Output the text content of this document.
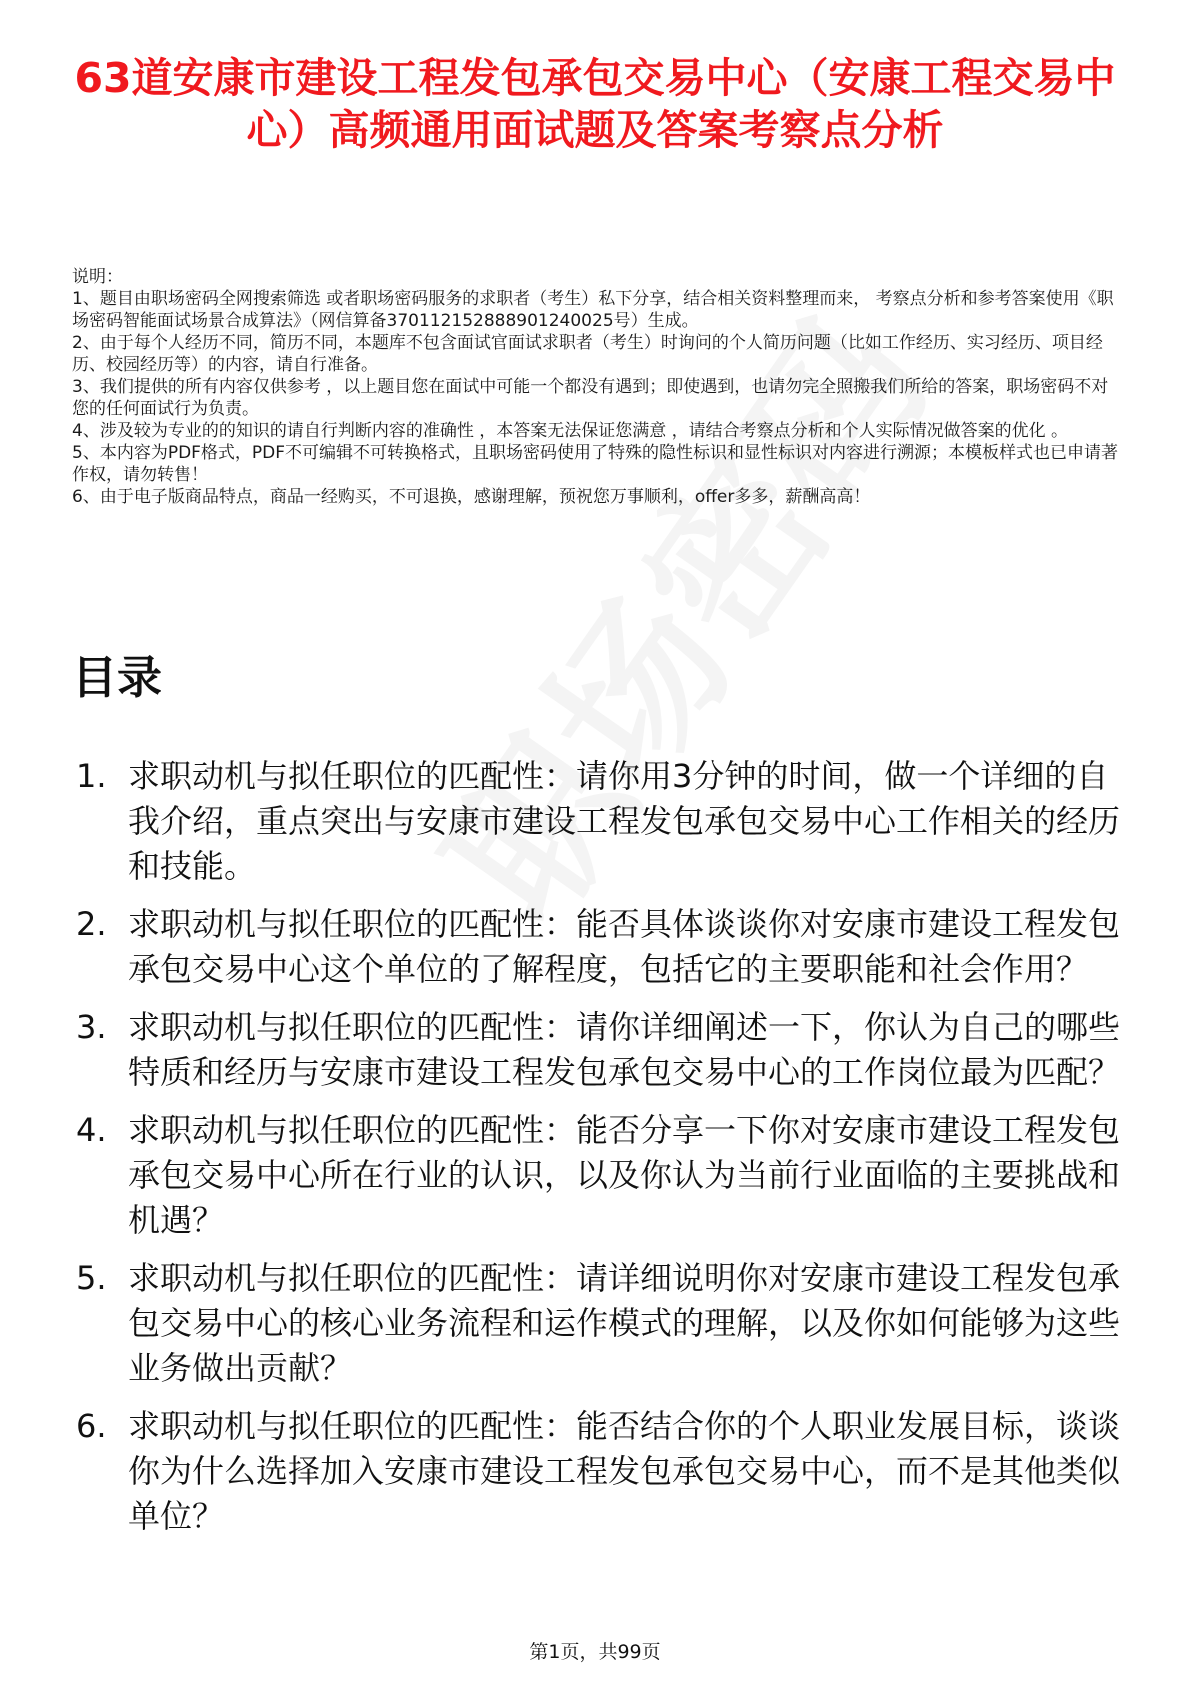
63道安康市建设工程发包承包交易中心（安康工程交易中心）高频通用面试题及答案考察点分析

说明：

1、题目由职场密码全网搜索筛选 或者职场密码服务的求职者（考生）私下分享，结合相关资料整理而来， 考察点分析和参考答案使用《职场密码智能面试场景合成算法》（网信算备370112152888901240025号）生成。

2、由于每个人经历不同，简历不同，本题库不包含面试官面试求职者（考生）时询问的个人简历问题（比如工作经历、实习经历、项目经历、校园经历等）的内容，请自行准备。

3、我们提供的所有内容仅供参考 ，以上题目您在面试中可能一个都没有遇到；即使遇到，也请勿完全照搬我们所给的答案，职场密码不对您的任何面试行为负责。

4、涉及较为专业的的知识的请自行判断内容的准确性 ，本答案无法保证您满意 ，请结合考察点分析和个人实际情况做答案的优化 。

5、本内容为PDF格式，PDF不可编辑不可转换格式，且职场密码使用了特殊的隐性标识和显性标识对内容进行溯源；本模板样式也已申请著作权，请勿转售！

6、由于电子版商品特点，商品一经购买，不可退换，感谢理解，预祝您万事顺利，offer多多，薪酬高高！

目录
1. 求职动机与拟任职位的匹配性：请你用3分钟的时间，做一个详细的自我介绍，重点突出与安康市建设工程发包承包交易中心工作相关的经历和技能。
2. 求职动机与拟任职位的匹配性：能否具体谈谈你对安康市建设工程发包承包交易中心这个单位的了解程度，包括它的主要职能和社会作用？
3. 求职动机与拟任职位的匹配性：请你详细阐述一下，你认为自己的哪些特质和经历与安康市建设工程发包承包交易中心的工作岗位最为匹配？
4. 求职动机与拟任职位的匹配性：能否分享一下你对安康市建设工程发包承包交易中心所在行业的认识，以及你认为当前行业面临的主要挑战和机遇？
5. 求职动机与拟任职位的匹配性：请详细说明你对安康市建设工程发包承包交易中心的核心业务流程和运作模式的理解，以及你如何能够为这些业务做出贡献？
6. 求职动机与拟任职位的匹配性：能否结合你的个人职业发展目标，谈谈你为什么选择加入安康市建设工程发包承包交易中心，而不是其他类似单位？
第1页，共99页
